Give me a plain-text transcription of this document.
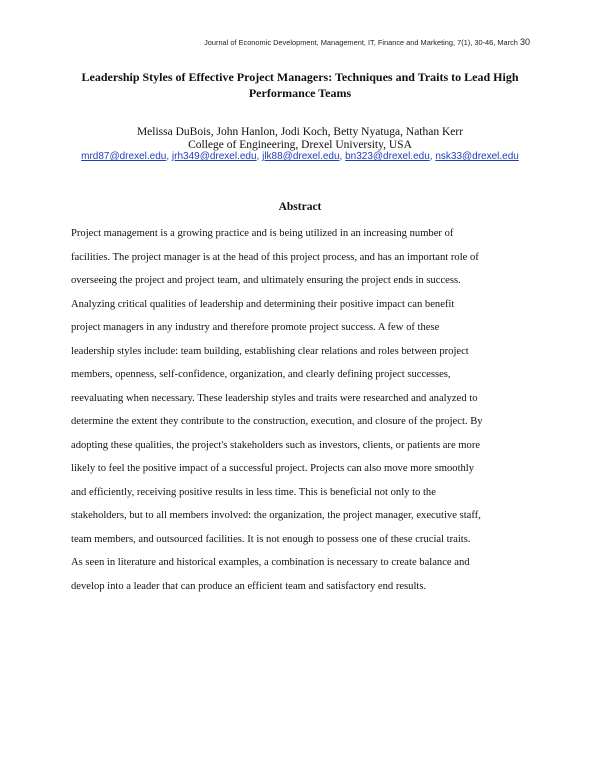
Journal of Economic Development, Management, IT, Finance and Marketing, 7(1), 30-46, March 30
Leadership Styles of Effective Project Managers: Techniques and Traits to Lead High
Performance Teams
Melissa DuBois, John Hanlon, Jodi Koch, Betty Nyatuga, Nathan Kerr
College of Engineering, Drexel University, USA
mrd87@drexel.edu, jrh349@drexel.edu, jlk88@drexel.edu, bn323@drexel.edu, nsk33@drexel.edu
Abstract
Project management is a growing practice and is being utilized in an increasing number of
facilities. The project manager is at the head of this project process, and has an important role of
overseeing the project and project team, and ultimately ensuring the project ends in success.
Analyzing critical qualities of leadership and determining their positive impact can benefit
project managers in any industry and therefore promote project success. A few of these
leadership styles include: team building, establishing clear relations and roles between project
members, openness, self-confidence, organization, and clearly defining project successes,
reevaluating when necessary. These leadership styles and traits were researched and analyzed to
determine the extent they contribute to the construction, execution, and closure of the project. By
adopting these qualities, the project's stakeholders such as investors, clients, or patients are more
likely to feel the positive impact of a successful project. Projects can also move more smoothly
and efficiently, receiving positive results in less time. This is beneficial not only to the
stakeholders, but to all members involved: the organization, the project manager, executive staff,
team members, and outsourced facilities. It is not enough to possess one of these crucial traits.
As seen in literature and historical examples, a combination is necessary to create balance and
develop into a leader that can produce an efficient team and satisfactory end results.
